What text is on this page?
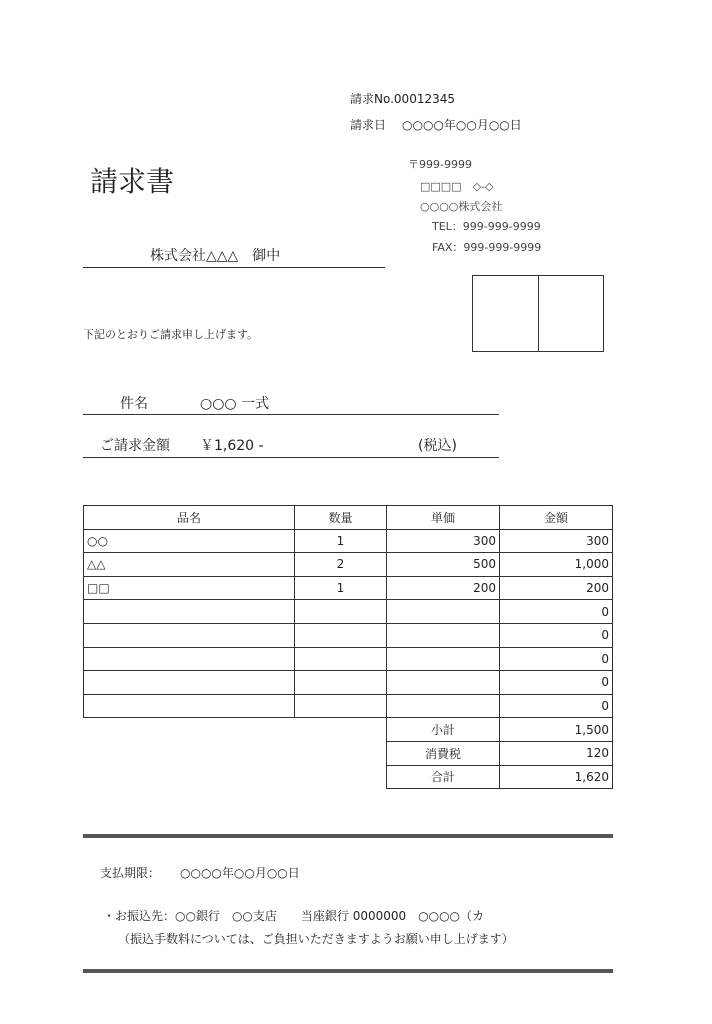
請求No.00012345
請求日 ○○○○年○○月○○日
請求書
〒999-9999
□□□□　◇-◇
○○○○株式会社
TEL：999-999-9999
FAX：999-999-9999
株式会社△△△　御中
下記のとおりご請求申し上げます。
件名	○○○ 一式
ご請求金額 ￥1,620 -	(税込)
品名	数量	単価	金額
○○	1	300	300
△△	2	500	1,000
□□	1	200	200
			0
			0
			0
			0
			0
		小計	1,500
		消費税	120
		合計	1,620
支払期限： ○○○○年○○月○○日
・お振込先：○○銀行　○○支店　　当座銀行 0000000　○○○○（カ
（振込手数料については、ご負担いただきますようお願い申し上げます）
